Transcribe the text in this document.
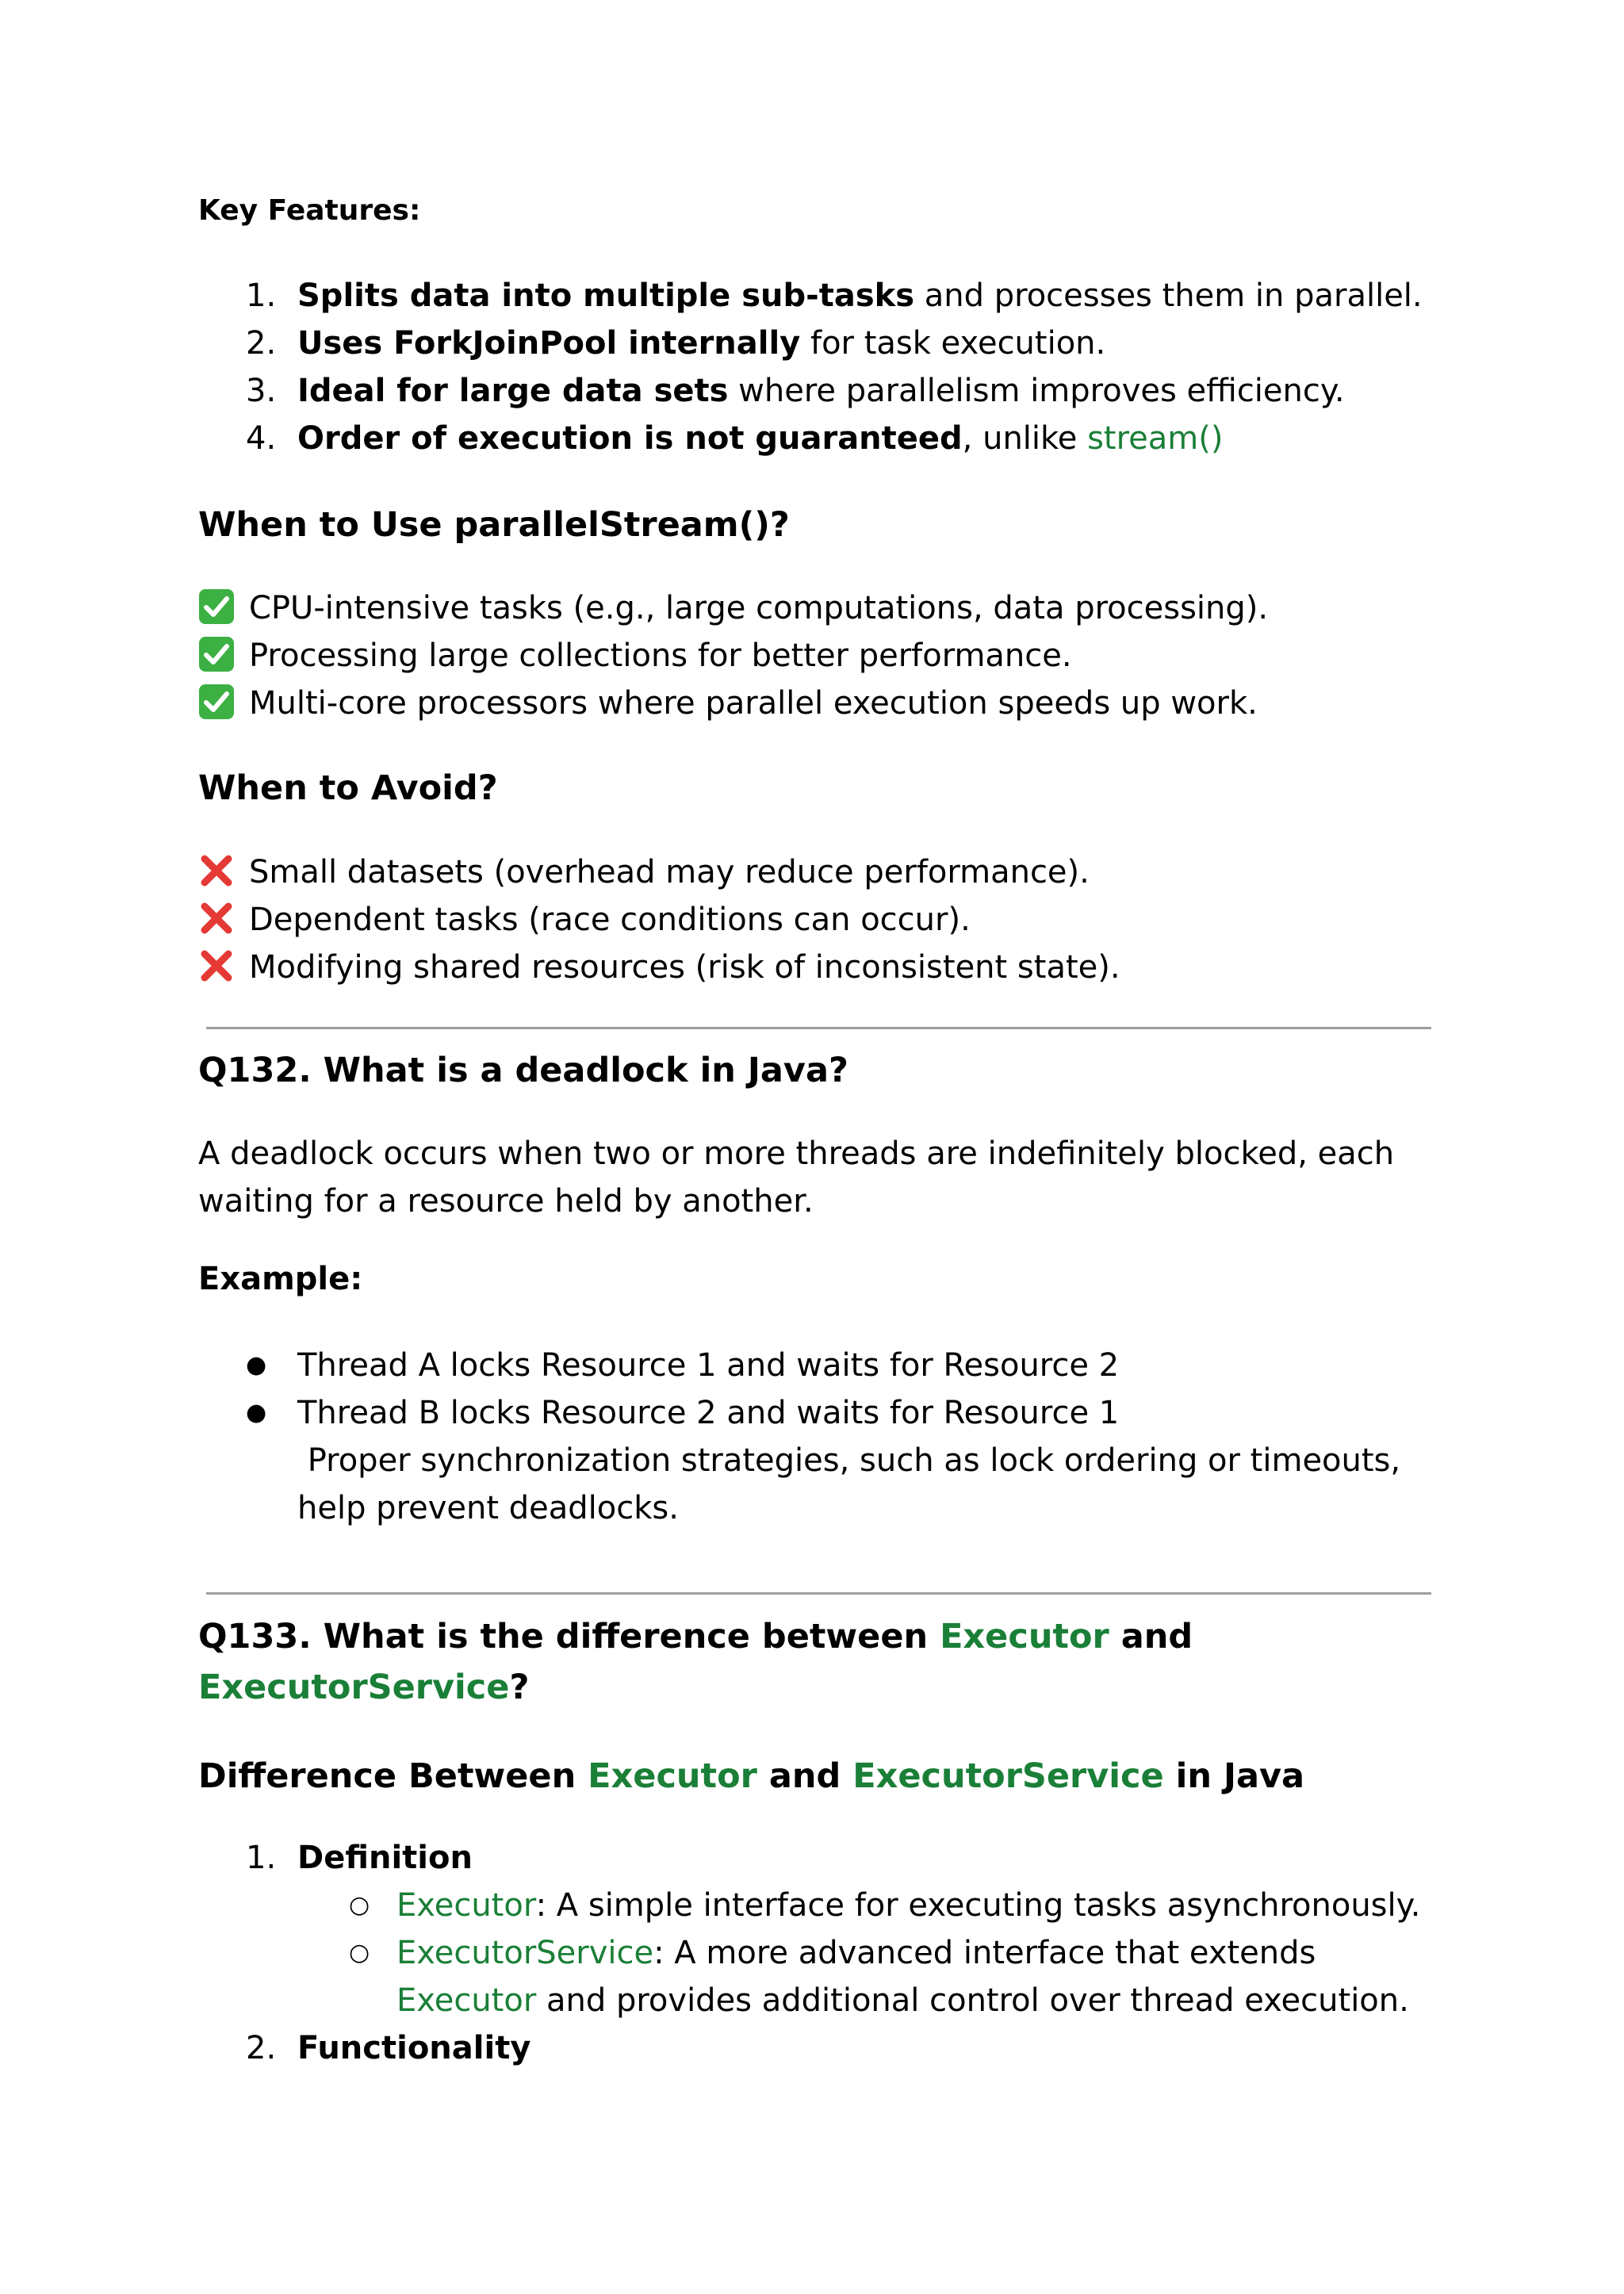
Key Features:
1. Splits data into multiple sub-tasks and processes them in parallel.
2. Uses ForkJoinPool internally for task execution.
3. Ideal for large data sets where parallelism improves efficiency.
4. Order of execution is not guaranteed, unlike stream()
When to Use parallelStream()?
CPU-intensive tasks (e.g., large computations, data processing).
Processing large collections for better performance.
Multi-core processors where parallel execution speeds up work.
When to Avoid?
Small datasets (overhead may reduce performance).
Dependent tasks (race conditions can occur).
Modifying shared resources (risk of inconsistent state).
Q132. What is a deadlock in Java?
A deadlock occurs when two or more threads are indefinitely blocked, each
waiting for a resource held by another.
Example:
● Thread A locks Resource 1 and waits for Resource 2
● Thread B locks Resource 2 and waits for Resource 1
Proper synchronization strategies, such as lock ordering or timeouts,
help prevent deadlocks.
Q133. What is the difference between Executor and
ExecutorService?
Difference Between Executor and ExecutorService in Java
1. Definition
○ Executor: A simple interface for executing tasks asynchronously.
○ ExecutorService: A more advanced interface that extends
Executor and provides additional control over thread execution.
2. Functionality
